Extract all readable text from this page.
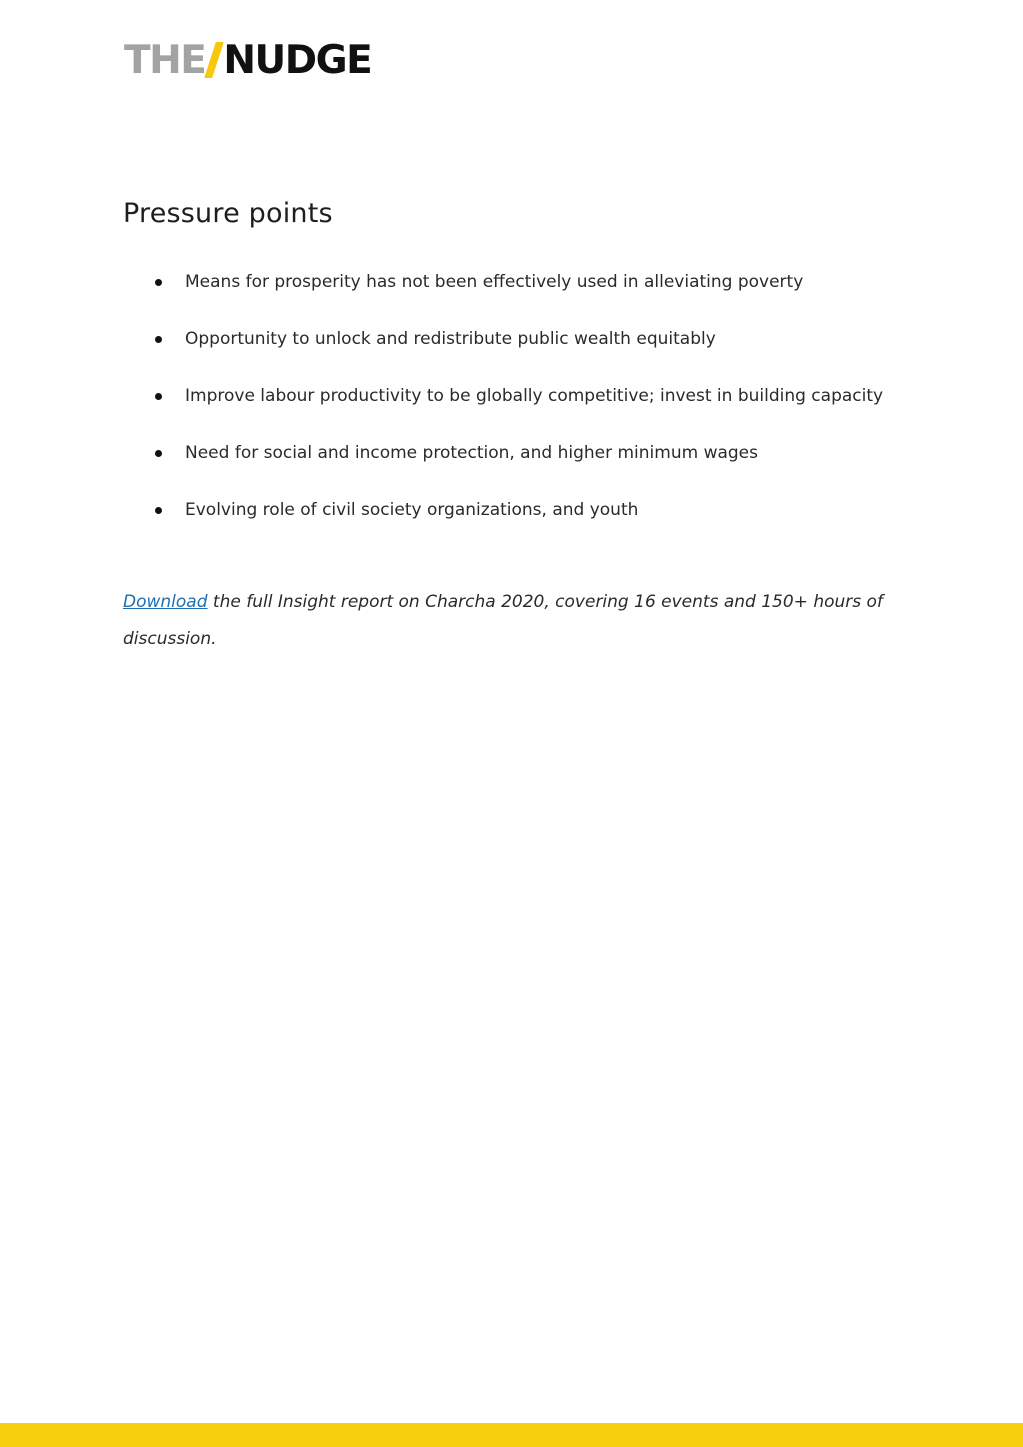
THE NUDGE
Pressure points
Means for prosperity has not been effectively used in alleviating poverty
Opportunity to unlock and redistribute public wealth equitably
Improve labour productivity to be globally competitive; invest in building capacity
Need for social and income protection, and higher minimum wages
Evolving role of civil society organizations, and youth

Download the full Insight report on Charcha 2020, covering 16 events and 150+ hours of discussion.
